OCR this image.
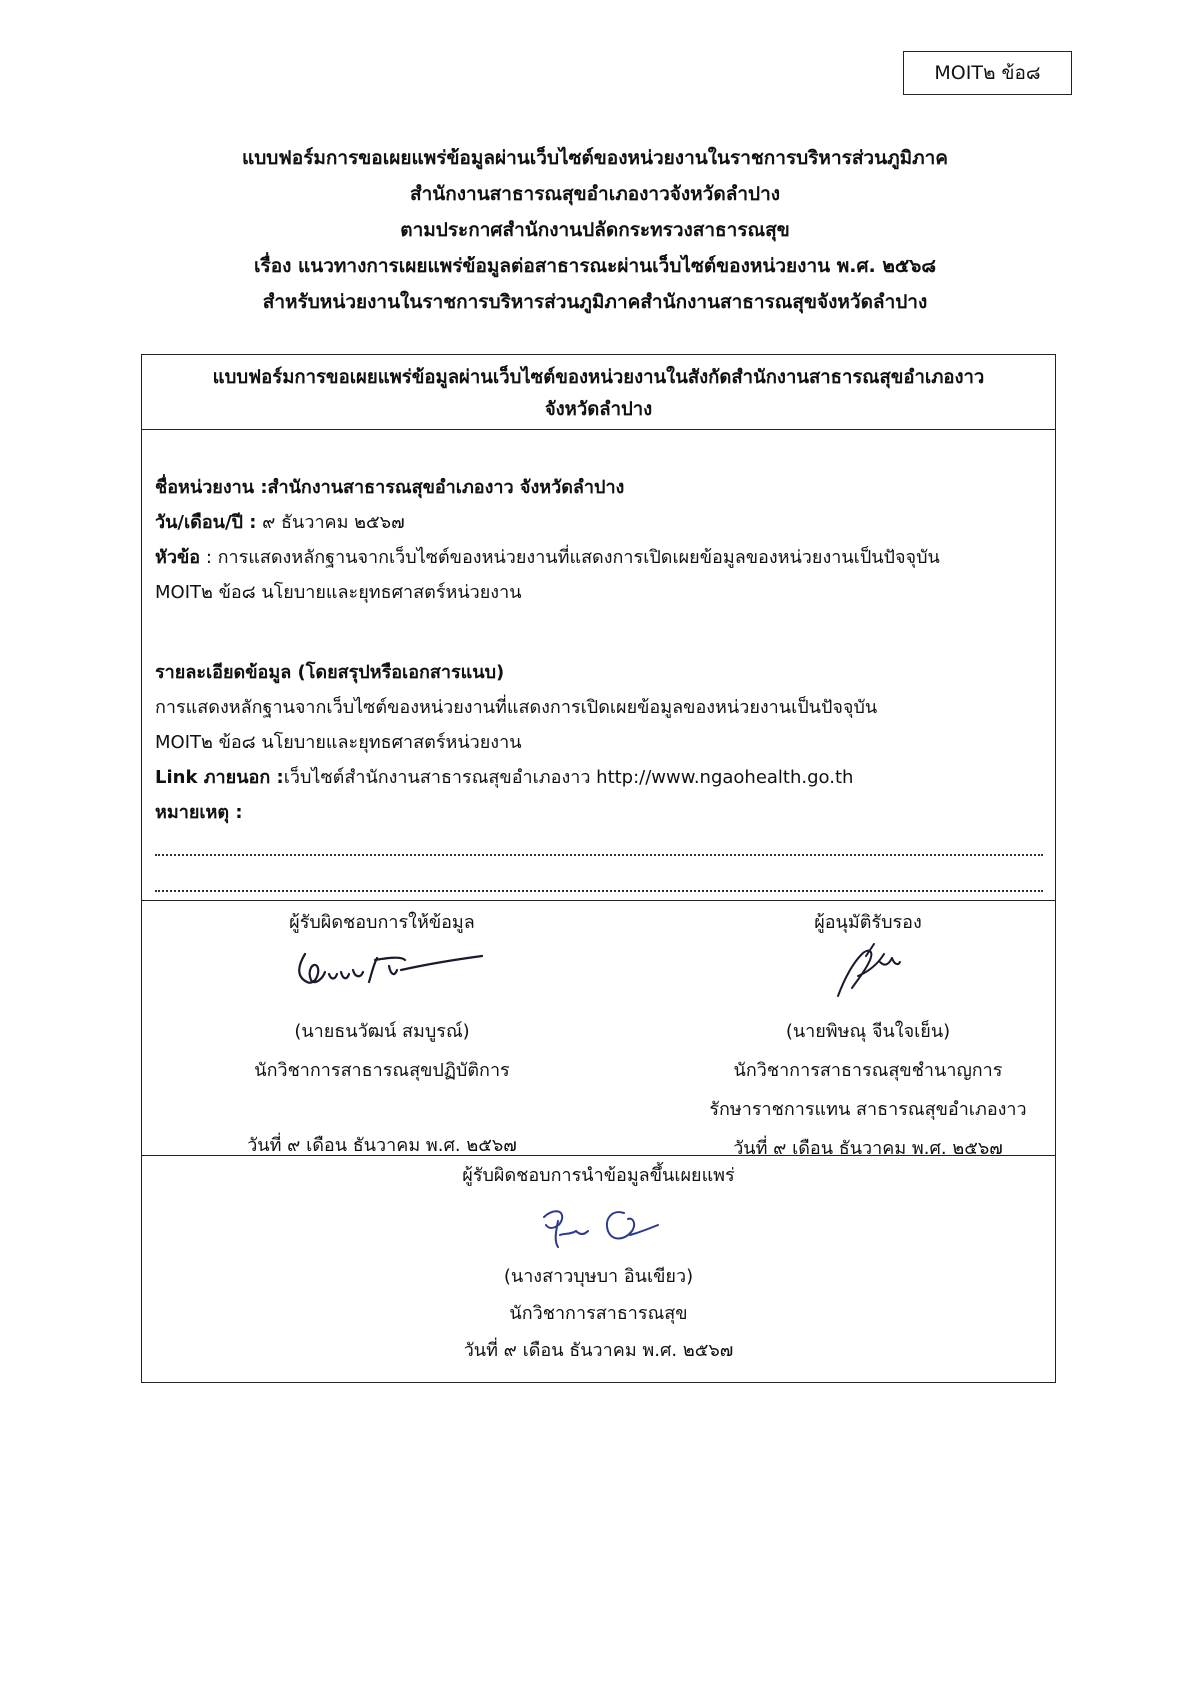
MOIT๒ ข้อ๘
แบบฟอร์มการขอเผยแพร่ข้อมูลผ่านเว็บไซต์ของหน่วยงานในราชการบริหารส่วนภูมิภาค
สำนักงานสาธารณสุขอำเภองาวจังหวัดลำปาง
ตามประกาศสำนักงานปลัดกระทรวงสาธารณสุข
เรื่อง แนวทางการเผยแพร่ข้อมูลต่อสาธารณะผ่านเว็บไซต์ของหน่วยงาน พ.ศ. ๒๕๖๘
สำหรับหน่วยงานในราชการบริหารส่วนภูมิภาคสำนักงานสาธารณสุขจังหวัดลำปาง
แบบฟอร์มการขอเผยแพร่ข้อมูลผ่านเว็บไซต์ของหน่วยงานในสังกัดสำนักงานสาธารณสุขอำเภองาว
จังหวัดลำปาง
ชื่อหน่วยงาน :สำนักงานสาธารณสุขอำเภองาว จังหวัดลำปาง
วัน/เดือน/ปี : ๙ ธันวาคม ๒๕๖๗
หัวข้อ : การแสดงหลักฐานจากเว็บไซต์ของหน่วยงานที่แสดงการเปิดเผยข้อมูลของหน่วยงานเป็นปัจจุบัน
MOIT๒ ข้อ๘ นโยบายและยุทธศาสตร์หน่วยงาน
รายละเอียดข้อมูล (โดยสรุปหรือเอกสารแนบ)
การแสดงหลักฐานจากเว็บไซต์ของหน่วยงานที่แสดงการเปิดเผยข้อมูลของหน่วยงานเป็นปัจจุบัน
MOIT๒ ข้อ๘ นโยบายและยุทธศาสตร์หน่วยงาน
Link ภายนอก :เว็บไซต์สำนักงานสาธารณสุขอำเภองาว http://www.ngaohealth.go.th
หมายเหตุ :
ผู้รับผิดชอบการให้ข้อมูล
(นายธนวัฒน์ สมบูรณ์)
นักวิชาการสาธารณสุขปฏิบัติการ
วันที่ ๙ เดือน ธันวาคม พ.ศ. ๒๕๖๗
ผู้อนุมัติรับรอง
(นายพิษณุ จีนใจเย็น)
นักวิชาการสาธารณสุขชำนาญการ
รักษาราชการแทน สาธารณสุขอำเภองาว
วันที่ ๙ เดือน ธันวาคม พ.ศ. ๒๕๖๗
ผู้รับผิดชอบการนำข้อมูลขึ้นเผยแพร่
(นางสาวบุษบา อินเขียว)
นักวิชาการสาธารณสุข
วันที่ ๙ เดือน ธันวาคม พ.ศ. ๒๕๖๗
